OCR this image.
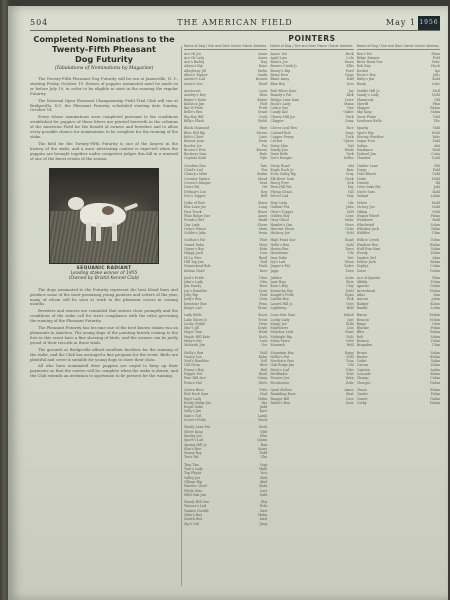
504	THE AMERICAN FIELD	May 1 1956
Completed Nominations to the
Twenty-Fifth Pheasant
Dog Futurity
(Tabulations of Nominations by Magazine)

The Twenty-Fifth Pheasant Dog Futurity will be run at Jamesville, N. Y., starting Friday, October 19. Entries of puppies nominated must be made on or before July 10, in order to be eligible to start in the running the regular Futurity.

The National Open Pheasant Championship Field Trial Club will run at Bridgeville, N.Y. the Pheasant Futurity, scheduled starting date Sunday, October 14.

Every whose nominations were completed pursuant to the conditions established for puppies of these litters are printed herewith in the columns of the American Field for the benefit of owners and breeders and to allow every possible chance for nominations to be complete for the running of the stake.

The field for the Twenty-Fifth Futurity is one of the largest in the history of the stake, and a most interesting contest is expected when the puppies are brought together under competent judges this fall in a renewal of one of the finest events of the season.

SEQUANIC RADIANT
Leading stake winner of 1955
(Owned by Bristol Kennel Club)

The dogs nominated to the Futurity represent the best blood lines and produce some of the most promising young pointers and setters of the year, many of whom will be seen at work in the pheasant covers in coming months.

Breeders and owners are reminded that entries close promptly and the conditions of the stake call for strict compliance with the rules governing the running of the Pheasant Futurity.

The Pheasant Futurity has become one of the best known stakes run on pheasants in America. The young dogs of the pointing breeds coming to the fore in this event have a fine showing of birds, and the owners can be justly proud of their records in these trials.

The grounds at Bridgeville afford excellent facilities for the running of the stake, and the Club has arranged a fine program for the event. Birds are plentiful and cover is suitable for young dogs to show their class.

All who have nominated their puppies are urged to keep up their payments so that the entries will be complete when the stake is drawn, and the Club extends an invitation to sportsmen to be present for the running.

POINTERS
Name of Dog / Sire and Dam Owner Owner Address
Ace Hi Joe	Ames
Ace Hi Lady	Ames
Ace's Buddy	Hay
Adam's Rip	Kane
Allegheny Jill	Mohn
Allen's Topper	Smith
Amber's Lad	Krauss
Anne's Sue	Ward
Aristocrat	Lyon
Audrey's Boy	Ross
Baker's Duke	Baker
Ballston Jim	Holt
Bar-B Pride	Pratt
Belle's Rex	Grant
Big Boy Bill	Cook
Billy's Flash	Webb
Black Diamond	Hart
Blue Hill Rip	Moore
Bob's Chief	Lane
Bonnie Jean	Dean
Border Joe	Fry
Brown's Pete	Brown
Buckeye Sam	Hale
Captain Kidd	Pyle
Carolina Rex	Tate
Chief's Lad	Fox
Clancy's Mike	Burke
Country Squire	Mead
Crown's Ranger	Neal
Dan's Pal	Ott
Delmar's Lou	Ray
Doc's Topper	Bell
Duke of Erie	Shaw
Elm Lane Joe	Long
Fast Track	Hines
Flint Ridge Sue	Ames
Frank's Girl	Rudd
Gay Lady	Shore
Gem's Prince	Stein
Goldie's Jake	Irwin
Gordon's Pat	Platt
Grand Duke	Hoyt
Gypsy's Boy	Kent
Happy Jack	Voss
Hi Lo Pete	Reed
Hill Top Jim	Noll
Homestead Bob	Funk
Indian Chief	Kerr
Jack's Pride	Ober
Jake's Lady	Otto
Jim Dandy	Root
Joe's Rambler	Dorn
Jolly Rip	Fink
Judy's Boy	Gray
Keystone Rex	Penn
King's Lad	Rowe
Lady Belle	Snow
Lake Shore Jo	Trout
Lucky Strike	Hess
Mac's Jill	Doyle
Major Tom	Hurd
Maple Hill Kate	Koch
Mary's Pat	Lutz
Mohawk Jim	Orr
Molly's Rex	Wolf
Nancy Lee	Kuhn
Ned's Rambler	Sell
Old Glory	Best
Penny's Boy	Heil
Pepper Pot	Bush
Pine Hill Ace	Camp
Prince Hal	Dietz
Queen Bess	Fritz
Red Rock Sam	Graf
Rip's Lady	Hahn
Rocky Ridge Joe	Iles
Royal Duke	Judd
Sally's Jim	Karr
Sam's Girl	Lamb
Scout's Pride	Mack
Shady Lane Pat	Nash
Silver King	Olds
Smoky Joe	Pike
Sport's Lad	Quinn
Spring Hill Jo	Rau
Star's Rex	Sears
Sunny Boy	Todd
Tex's Pal	Ulm
Tiny Tim	Vogt
Tom's Lady	Wahl
Top Flight	Yost
Valley Joe	Zink
Village Rip	Abel
Warrior Chief	Bahr
White Star	Carr
Wild Oak Jim	Dahl
Windy Hill Sue	Eby
Winner's Lad	Fehr
Yankee Doodle	Gast
Zeke's Boy	Hahn
Zenith Rex	Imel
Zip's Girl	Jung
Name of Dog / Sire and Dam Owner Owner Address
Amos' Dot	Beck
April Lass	Cole
Babe's Joe	Dunn
Beaver Creek Jo	Ellis
Benny's Rip	Ford
Betsy Ross	Gage
Blaze Away	Hall
Blue Boy	Ives
Bob White Kate	Jay
Brandy's Pal	Kirk
Bridge Lane Sam	Lowe
Buck's Lady	Mann
Calico Sue	Nye
Candy Kid	Oakes
Cherry Hill Joe	Park
Chipper	Quay
Clover Leaf Rex	Rice
Colonel Bob	Sage
Copper Penny	Tuck
Cricket	Upton
Daisy Mae	Vail
Dandy Jim	Wade
Dixie Belle	York
Dot's Ranger	Zeller
Dusty Road	Ahl
Eagle Rock Jo	Bair
Echo Valley Rip	Cray
Elk River Sam	Deck
Fancy Free	Eck
Fern Hill Pat	Fay
Flying Cloud	Gill
Forest Lad	Hay
Foxy Lady	Ide
Gallant Fox	Jahn
Glen's Topper	Kell
Golden Boy	Lenz
Grey Ghost	Mohr
Hamlet's Jim	Ness
Harvest Moon	Ochs
Hickory Joe	Pohl
High Point Sue	Raab
Holly's Rex	Sahl
Honey Bee	Tews
Huntsman	Utz
Iron Duke	Veit
Ivy's Lad	Wenz
Jasper's Pal	Yoder
Jiggs	Zorn
Jubilee	Ache
June Bug	Betz
Kate's Boy	Clay
Kentucky Rip	Dahl
Knight's Pride	Egan
Laddie Boy	Fick
Laurel Hill Jo	Geis
Lightning	Hild
Lone Star Sam	Imhof
Lucky Lady	Jost
Magic Joe	Kolb
Mayflower	Leis
Meadow Lark	Mast
Midnight Rip	Nolt
Misty Morn	Orth
Monarch	Pahl
Mountain Boy	Rapp
Nellie's Pat	Sohl
Northern Star	Trax
Oak Ridge Jim	Uhl
Patsy's Lad	Vohs
Pathfinder	Wirt
Pioneer Joe	Yahn
Pocahontas	Zehr
Quail Hollow	Amos
Rambling Rose	Bost
Ranger Bill	Cass
Rebel's Rex	Dorr
Name of Dog / Sire and Dam Owner Owner Address
Rex's Pal	Elam
Ridge Runner	Fohl
River Bend Sue	Gehr
Rob Roy	Hoch
Rocket	Igo
Rosie's Boy	Jahr
Ruby's Jim	Kahl
Rusty	Lohr
Saddle Hill Jo	Moll
Sandy's Lady	Nohl
Shamrock	Ohl
Sheriff	Pfau
Skipper	Rahm
Sky King	Sahm
Snow Flake	Tohl
Southern Belle	Uhr
Sparky	Vahl
Spot's Rip	Wohl
Stormy Weather	Yahr
Sugar Foot	Zahl
Sultan	Abt
Sundance	Bohl
Tarheel Jim	Cahn
Thunder	Dohl
Timber Lane	Ehl
Topsy	Fahl
Trail Blazer	Gohl
Trixie	Hohl
Tuxedo	Ihl
Twin Oaks Pat	Johl
Uncle Sam	Kohl
Valiant	Lahm
Velvet	Mohl
Victory Joe	Nahl
Viking	Oehl
Wagon Wheel	Pahm
Wanderer	Rohl
Whirlwind	Sohm
Whiskey Jack	Tahm
Wildfire	Uhm
Willow Creek	Vohm
Windsor Rex	Wahm
Wolf Run Sam	Yohm
Woody	Zohm
Yankee Girl	Ahm
Yellow Jack	Bohm
Zephyr	Cohm
Zorro	Dohm
Ace of Spades	Ehm
Alfalfa	Fohm
Apache	Gohm
Arrowhead	Hohm
Atlas	Ihm
Aurora	Johm
Badger	Kohm
Bandit	Lohm
Baron	Mahm
Beacon	Nohm
Bingo	Ohm
Blackie	Pohm
Blitz	Rahm
Bolt	Sahm
Bounce	Tohm
Brigadier	Uhm
Bruno	Vahm
Buster	Wohm
Cadet	Yahm
Caesar	Zahm
Captain	Aahm
Cascade	Bahm
Champ	Cahm
Charger	Dahm
Chase	Eahm
Cinder	Fahm
Comet	Gahm
Corky	Hahm
